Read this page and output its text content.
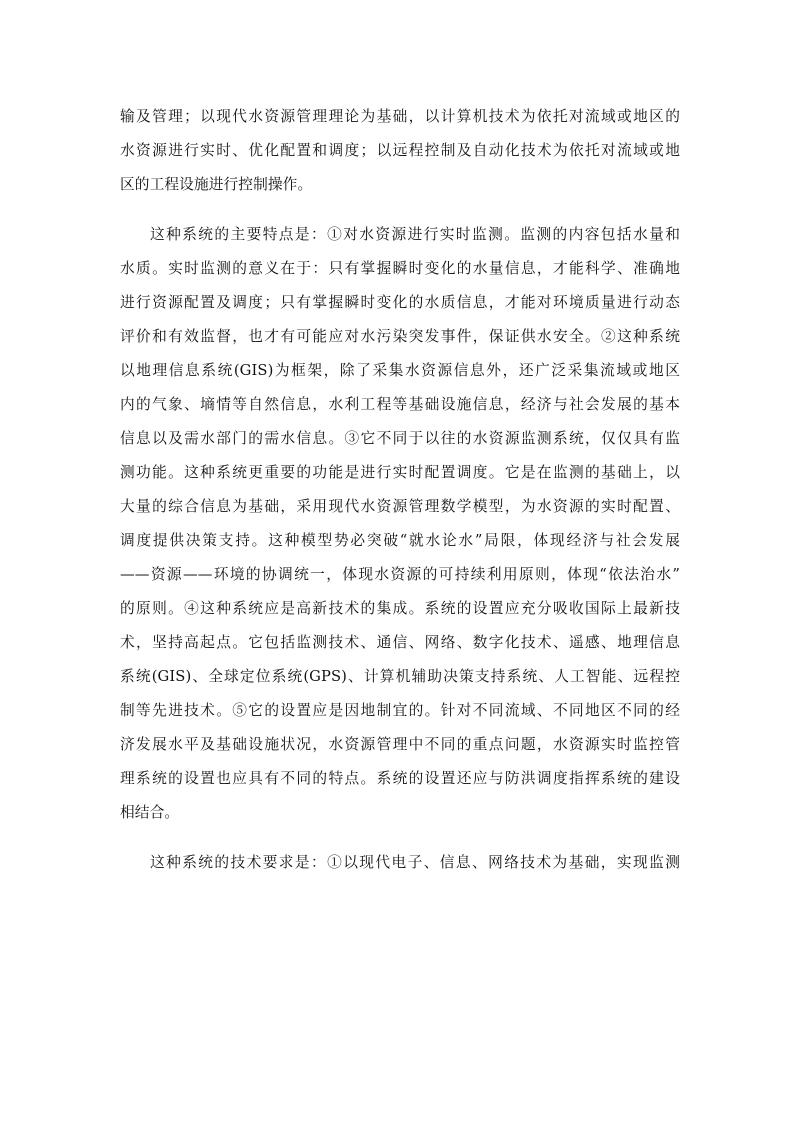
输及管理；以现代水资源管理理论为基础，以计算机技术为依托对流域或地区的
水资源进行实时、优化配置和调度；以远程控制及自动化技术为依托对流域或地
区的工程设施进行控制操作。
这种系统的主要特点是：①对水资源进行实时监测。监测的内容包括水量和
水质。实时监测的意义在于：只有掌握瞬时变化的水量信息，才能科学、准确地
进行资源配置及调度；只有掌握瞬时变化的水质信息，才能对环境质量进行动态
评价和有效监督，也才有可能应对水污染突发事件，保证供水安全。②这种系统
以地理信息系统(GIS)为框架，除了采集水资源信息外，还广泛采集流域或地区
内的气象、墒情等自然信息，水利工程等基础设施信息，经济与社会发展的基本
信息以及需水部门的需水信息。③它不同于以往的水资源监测系统，仅仅具有监
测功能。这种系统更重要的功能是进行实时配置调度。它是在监测的基础上，以
大量的综合信息为基础，采用现代水资源管理数学模型，为水资源的实时配置、
调度提供决策支持。这种模型势必突破“就水论水”局限，体现经济与社会发展
——资源——环境的协调统一，体现水资源的可持续利用原则，体现“依法治水”
的原则。④这种系统应是高新技术的集成。系统的设置应充分吸收国际上最新技
术，坚持高起点。它包括监测技术、通信、网络、数字化技术、遥感、地理信息
系统(GIS)、全球定位系统(GPS)、计算机辅助决策支持系统、人工智能、远程控
制等先进技术。⑤它的设置应是因地制宜的。针对不同流域、不同地区不同的经
济发展水平及基础设施状况，水资源管理中不同的重点问题，水资源实时监控管
理系统的设置也应具有不同的特点。系统的设置还应与防洪调度指挥系统的建设
相结合。
这种系统的技术要求是：①以现代电子、信息、网络技术为基础，实现监测
